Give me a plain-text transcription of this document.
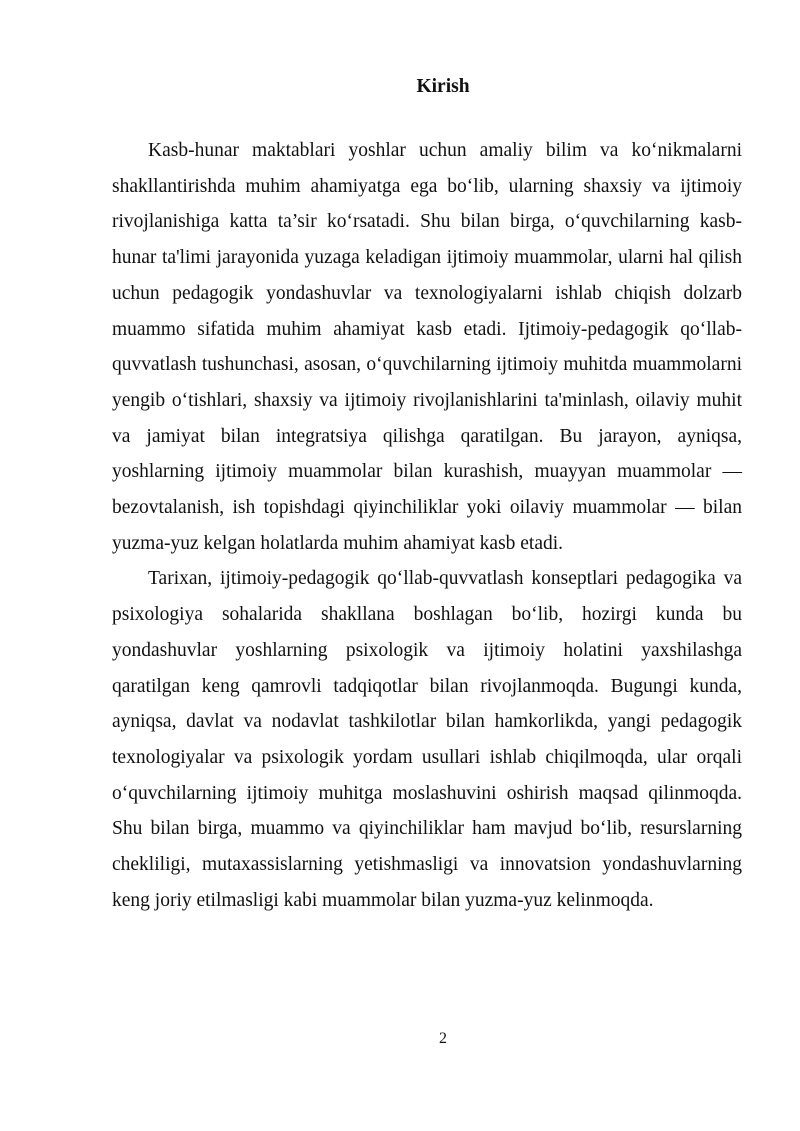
Kirish

Kasb-hunar maktablari yoshlar uchun amaliy bilim va ko‘nikmalarni shakllantirishda muhim ahamiyatga ega bo‘lib, ularning shaxsiy va ijtimoiy rivojlanishiga katta ta’sir ko‘rsatadi. Shu bilan birga, o‘quvchilarning kasb-hunar ta'limi jarayonida yuzaga keladigan ijtimoiy muammolar, ularni hal qilish uchun pedagogik yondashuvlar va texnologiyalarni ishlab chiqish dolzarb muammo sifatida muhim ahamiyat kasb etadi. Ijtimoiy-pedagogik qo‘llab-quvvatlash tushunchasi, asosan, o‘quvchilarning ijtimoiy muhitda muammolarni yengib o‘tishlari, shaxsiy va ijtimoiy rivojlanishlarini ta'minlash, oilaviy muhit va jamiyat bilan integratsiya qilishga qaratilgan. Bu jarayon, ayniqsa, yoshlarning ijtimoiy muammolar bilan kurashish, muayyan muammolar — bezovtalanish, ish topishdagi qiyinchiliklar yoki oilaviy muammolar — bilan yuzma-yuz kelgan holatlarda muhim ahamiyat kasb etadi.

Tarixan, ijtimoiy-pedagogik qo‘llab-quvvatlash konseptlari pedagogika va psixologiya sohalarida shakllana boshlagan bo‘lib, hozirgi kunda bu yondashuvlar yoshlarning psixologik va ijtimoiy holatini yaxshilashga qaratilgan keng qamrovli tadqiqotlar bilan rivojlanmoqda. Bugungi kunda, ayniqsa, davlat va nodavlat tashkilotlar bilan hamkorlikda, yangi pedagogik texnologiyalar va psixologik yordam usullari ishlab chiqilmoqda, ular orqali o‘quvchilarning ijtimoiy muhitga moslashuvini oshirish maqsad qilinmoqda. Shu bilan birga, muammo va qiyinchiliklar ham mavjud bo‘lib, resurslarning chekliligi, mutaxassislarning yetishmasligi va innovatsion yondashuvlarning keng joriy etilmasligi kabi muammolar bilan yuzma-yuz kelinmoqda.

2
